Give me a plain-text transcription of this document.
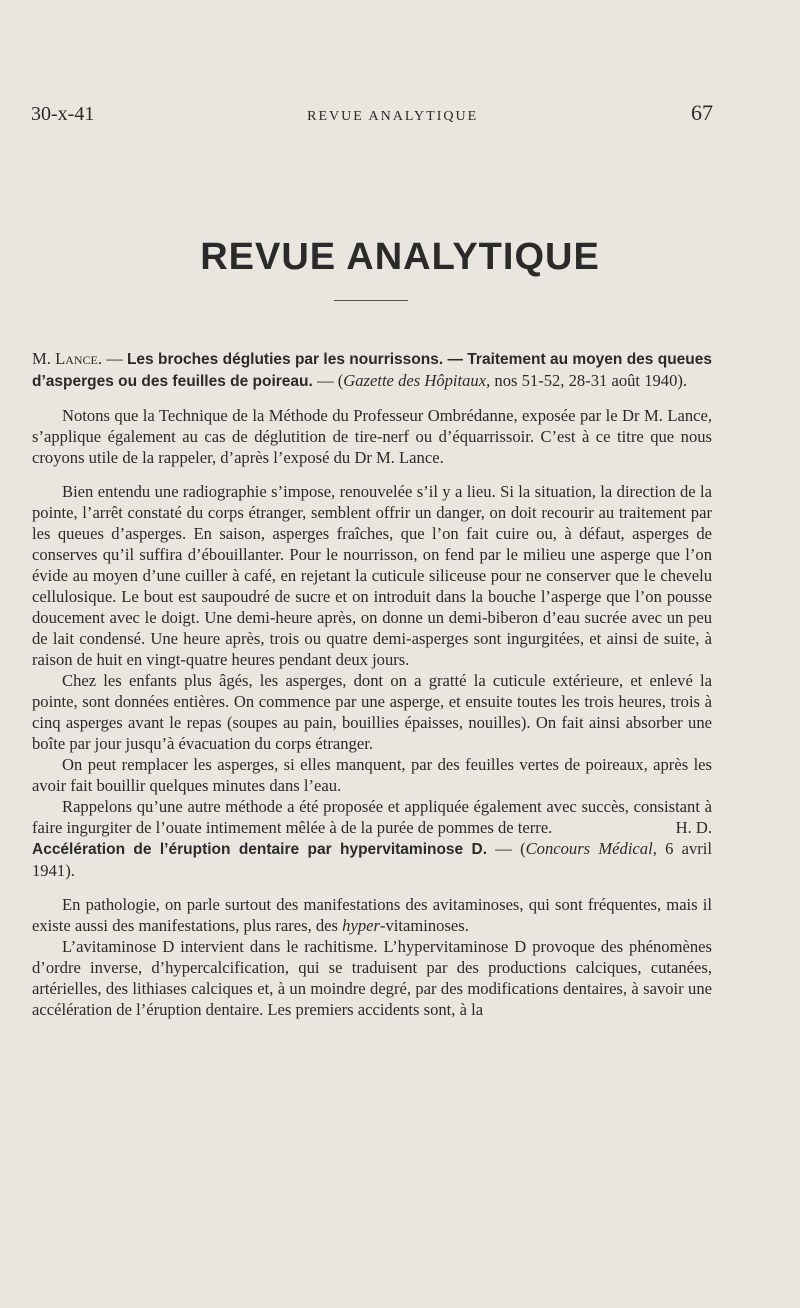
30-x-41	REVUE ANALYTIQUE	67
REVUE ANALYTIQUE

M. Lance. — Les broches dégluties par les nourrissons. — Traitement au moyen des queues d’asperges ou des feuilles de poireau. — (Gazette des Hôpitaux, nos 51-52, 28-31 août 1940).

Notons que la Technique de la Méthode du Professeur Ombrédanne, exposée par le Dr M. Lance, s’applique également au cas de déglutition de tire-nerf ou d’équarrissoir. C’est à ce titre que nous croyons utile de la rappeler, d’après l’exposé du Dr M. Lance.

Bien entendu une radiographie s’impose, renouvelée s’il y a lieu. Si la situation, la direction de la pointe, l’arrêt constaté du corps étranger, semblent offrir un danger, on doit recourir au traitement par les queues d’asperges. En saison, asperges fraîches, que l’on fait cuire ou, à défaut, asperges de conserves qu’il suffira d’ébouillanter. Pour le nourrisson, on fend par le milieu une asperge que l’on évide au moyen d’une cuiller à café, en rejetant la cuticule siliceuse pour ne conserver que le chevelu cellulosique. Le bout est saupoudré de sucre et on introduit dans la bouche l’asperge que l’on pousse doucement avec le doigt. Une demi-heure après, on donne un demi-biberon d’eau sucrée avec un peu de lait condensé. Une heure après, trois ou quatre demi-asperges sont ingurgitées, et ainsi de suite, à raison de huit en vingt-quatre heures pendant deux jours.

Chez les enfants plus âgés, les asperges, dont on a gratté la cuticule extérieure, et enlevé la pointe, sont données entières. On commence par une asperge, et ensuite toutes les trois heures, trois à cinq asperges avant le repas (soupes au pain, bouillies épaisses, nouilles). On fait ainsi absorber une boîte par jour jusqu’à évacuation du corps étranger.

On peut remplacer les asperges, si elles manquent, par des feuilles vertes de poireaux, après les avoir fait bouillir quelques minutes dans l’eau.

Rappelons qu’une autre méthode a été proposée et appliquée également avec succès, consistant à faire ingurgiter de l’ouate intimement mêlée à de la purée de pommes de terre.	H. D.

Accélération de l’éruption dentaire par hypervitaminose D. — (Concours Médical, 6 avril 1941).

En pathologie, on parle surtout des manifestations des avitaminoses, qui sont fréquentes, mais il existe aussi des manifestations, plus rares, des hyper-vitaminoses.

L’avitaminose D intervient dans le rachitisme. L’hypervitaminose D provoque des phénomènes d’ordre inverse, d’hypercalcification, qui se traduisent par des productions calciques, cutanées, artérielles, des lithiases calciques et, à un moindre degré, par des modifications dentaires, à savoir une accélération de l’éruption dentaire. Les premiers accidents sont, à la
